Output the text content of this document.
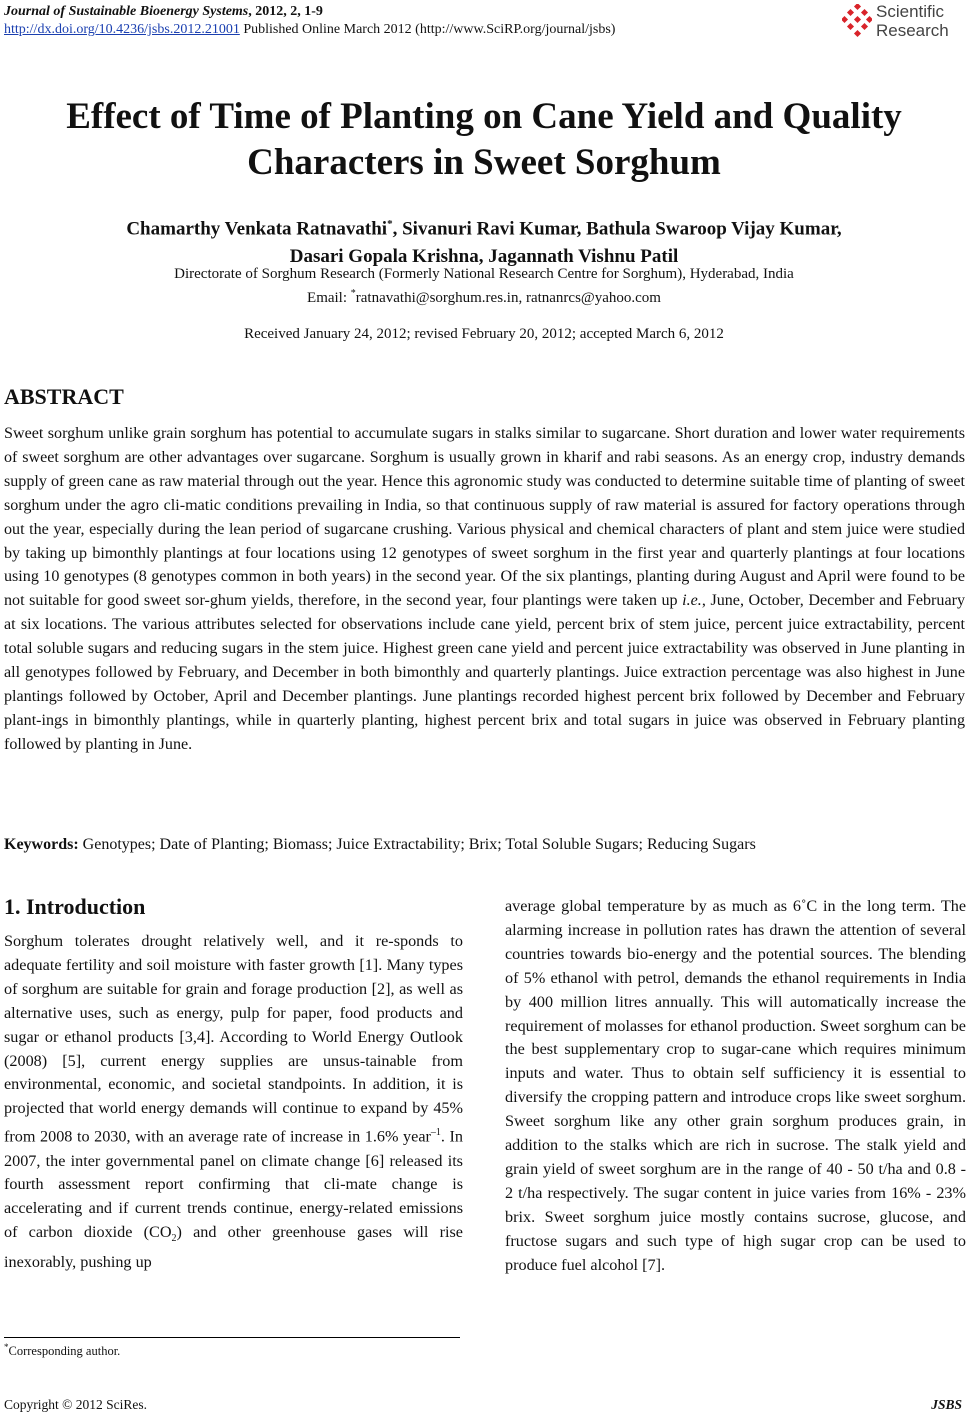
Journal of Sustainable Bioenergy Systems, 2012, 2, 1-9
http://dx.doi.org/10.4236/jsbs.2012.21001 Published Online March 2012 (http://www.SciRP.org/journal/jsbs)
Scientific
Research
Effect of Time of Planting on Cane Yield and Quality
Characters in Sweet Sorghum
Chamarthy Venkata Ratnavathi*, Sivanuri Ravi Kumar, Bathula Swaroop Vijay Kumar,
Dasari Gopala Krishna, Jagannath Vishnu Patil
Directorate of Sorghum Research (Formerly National Research Centre for Sorghum), Hyderabad, India
Email: *ratnavathi@sorghum.res.in, ratnanrcs@yahoo.com
Received January 24, 2012; revised February 20, 2012; accepted March 6, 2012
ABSTRACT

Sweet sorghum unlike grain sorghum has potential to accumulate sugars in stalks similar to sugarcane. Short duration and lower water requirements of sweet sorghum are other advantages over sugarcane. Sorghum is usually grown in kharif and rabi seasons. As an energy crop, industry demands supply of green cane as raw material through out the year. Hence this agronomic study was conducted to determine suitable time of planting of sweet sorghum under the agro cli-matic conditions prevailing in India, so that continuous supply of raw material is assured for factory operations through out the year, especially during the lean period of sugarcane crushing. Various physical and chemical characters of plant and stem juice were studied by taking up bimonthly plantings at four locations using 12 genotypes of sweet sorghum in the first year and quarterly plantings at four locations using 10 genotypes (8 genotypes common in both years) in the second year. Of the six plantings, planting during August and April were found to be not suitable for good sweet sor-ghum yields, therefore, in the second year, four plantings were taken up i.e., June, October, December and February at six locations. The various attributes selected for observations include cane yield, percent brix of stem juice, percent juice extractability, percent total soluble sugars and reducing sugars in the stem juice. Highest green cane yield and percent juice extractability was observed in June planting in all genotypes followed by February, and December in both bimonthly and quarterly plantings. Juice extraction percentage was also highest in June plantings followed by October, April and December plantings. June plantings recorded highest percent brix followed by December and February plant-ings in bimonthly plantings, while in quarterly planting, highest percent brix and total sugars in juice was observed in February planting followed by planting in June.

Keywords: Genotypes; Date of Planting; Biomass; Juice Extractability; Brix; Total Soluble Sugars; Reducing Sugars
1. Introduction

Sorghum tolerates drought relatively well, and it re-sponds to adequate fertility and soil moisture with faster growth [1]. Many types of sorghum are suitable for grain and forage production [2], as well as alternative uses, such as energy, pulp for paper, food products and sugar or ethanol products [3,4]. According to World Energy Outlook (2008) [5], current energy supplies are unsus-tainable from environmental, economic, and societal standpoints. In addition, it is projected that world energy demands will continue to expand by 45% from 2008 to 2030, with an average rate of increase in 1.6% year$^{-1}$. In 2007, the inter governmental panel on climate change [6] released its fourth assessment report confirming that cli-mate change is accelerating and if current trends continue, energy-related emissions of carbon dioxide $(CO_2)$ and other greenhouse gases will rise inexorably, pushing up

average global temperature by as much as 6˚C in the long term. The alarming increase in pollution rates has drawn the attention of several countries towards bio-energy and the potential sources. The blending of 5% ethanol with petrol, demands the ethanol requirements in India by 400 million litres annually. This will automatically increase the requirement of molasses for ethanol production. Sweet sorghum can be the best supplementary crop to sugar-cane which requires minimum inputs and water. Thus to obtain self sufficiency it is essential to diversify the cropping pattern and introduce crops like sweet sorghum. Sweet sorghum like any other grain sorghum produces grain, in addition to the stalks which are rich in sucrose. The stalk yield and grain yield of sweet sorghum are in the range of 40 - 50 t/ha and 0.8 - 2 t/ha respectively. The sugar content in juice varies from 16% - 23% brix. Sweet sorghum juice mostly contains sucrose, glucose, and fructose sugars and such type of high sugar crop can be used to produce fuel alcohol [7].

*Corresponding author.
Copyright © 2012 SciRes.	JSBS
